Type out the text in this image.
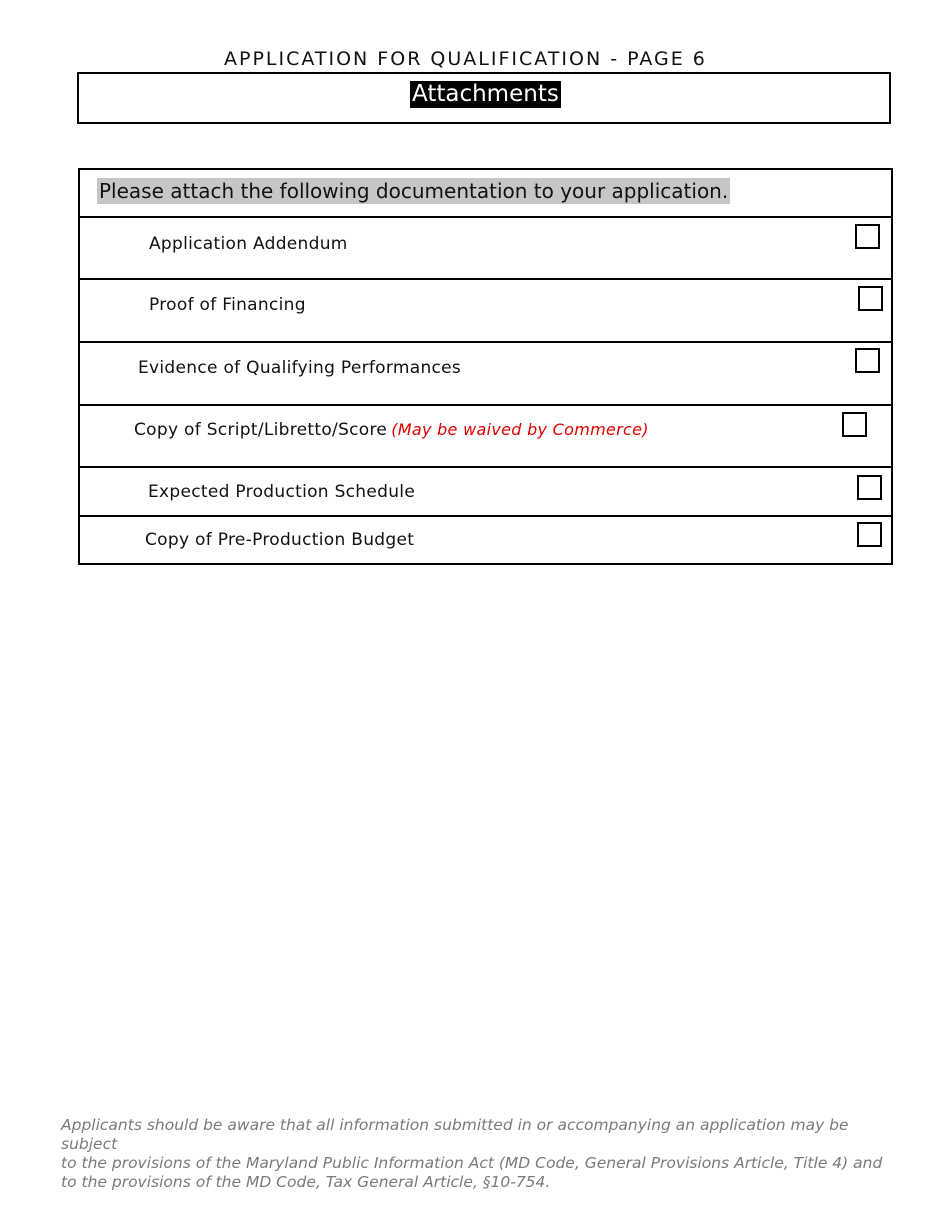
APPLICATION FOR QUALIFICATION - PAGE 6
Attachments
Please attach the following documentation to your application.
Application Addendum
Proof of Financing
Evidence of Qualifying Performances
Copy of Script/Libretto/Score (May be waived by Commerce)
Expected Production Schedule
Copy of Pre-Production Budget
Applicants should be aware that all information submitted in or accompanying an application may be subject
to the provisions of the Maryland Public Information Act (MD Code, General Provisions Article, Title 4) and
to the provisions of the MD Code, Tax General Article, §10-754.
